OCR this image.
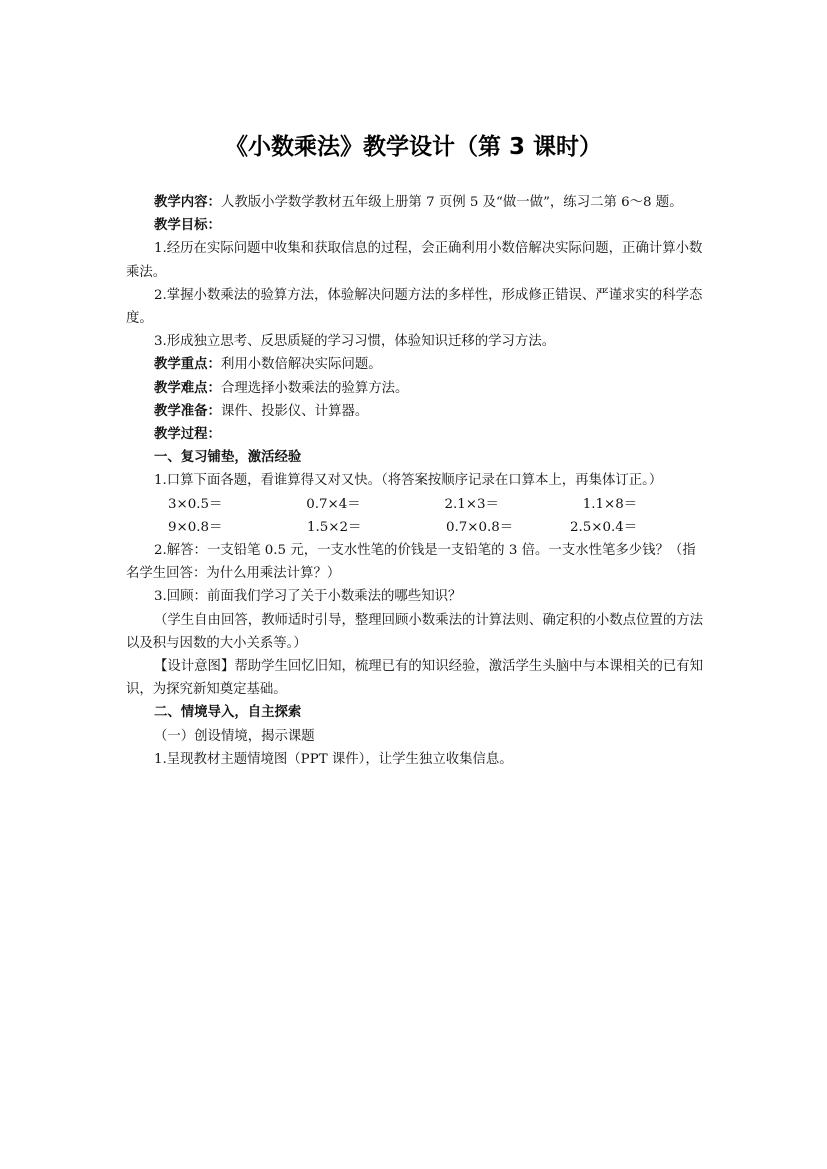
《小数乘法》教学设计（第 3 课时）

教学内容：人教版小学数学教材五年级上册第 7 页例 5 及“做一做”，练习二第 6～8 题。

教学目标：

1.经历在实际问题中收集和获取信息的过程，会正确利用小数倍解决实际问题，正确计算小数乘法。

2.掌握小数乘法的验算方法，体验解决问题方法的多样性，形成修正错误、严谨求实的科学态度。

3.形成独立思考、反思质疑的学习习惯，体验知识迁移的学习方法。

教学重点：利用小数倍解决实际问题。

教学难点：合理选择小数乘法的验算方法。

教学准备：课件、投影仪、计算器。

教学过程：

一、复习铺垫，激活经验

1.口算下面各题，看谁算得又对又快。（将答案按顺序记录在口算本上，再集体订正。）

3×0.5＝	0.7×4＝	2.1×3＝	1.1×8＝
9×0.8＝	1.5×2＝	0.7×0.8＝	2.5×0.4＝

2.解答：一支铅笔 0.5 元，一支水性笔的价钱是一支铅笔的 3 倍。一支水性笔多少钱？（指名学生回答：为什么用乘法计算？）

3.回顾：前面我们学习了关于小数乘法的哪些知识？

（学生自由回答，教师适时引导，整理回顾小数乘法的计算法则、确定积的小数点位置的方法以及积与因数的大小关系等。）

【设计意图】帮助学生回忆旧知，梳理已有的知识经验，激活学生头脑中与本课相关的已有知识，为探究新知奠定基础。

二、情境导入，自主探索

（一）创设情境，揭示课题

1.呈现教材主题情境图（PPT 课件），让学生独立收集信息。
